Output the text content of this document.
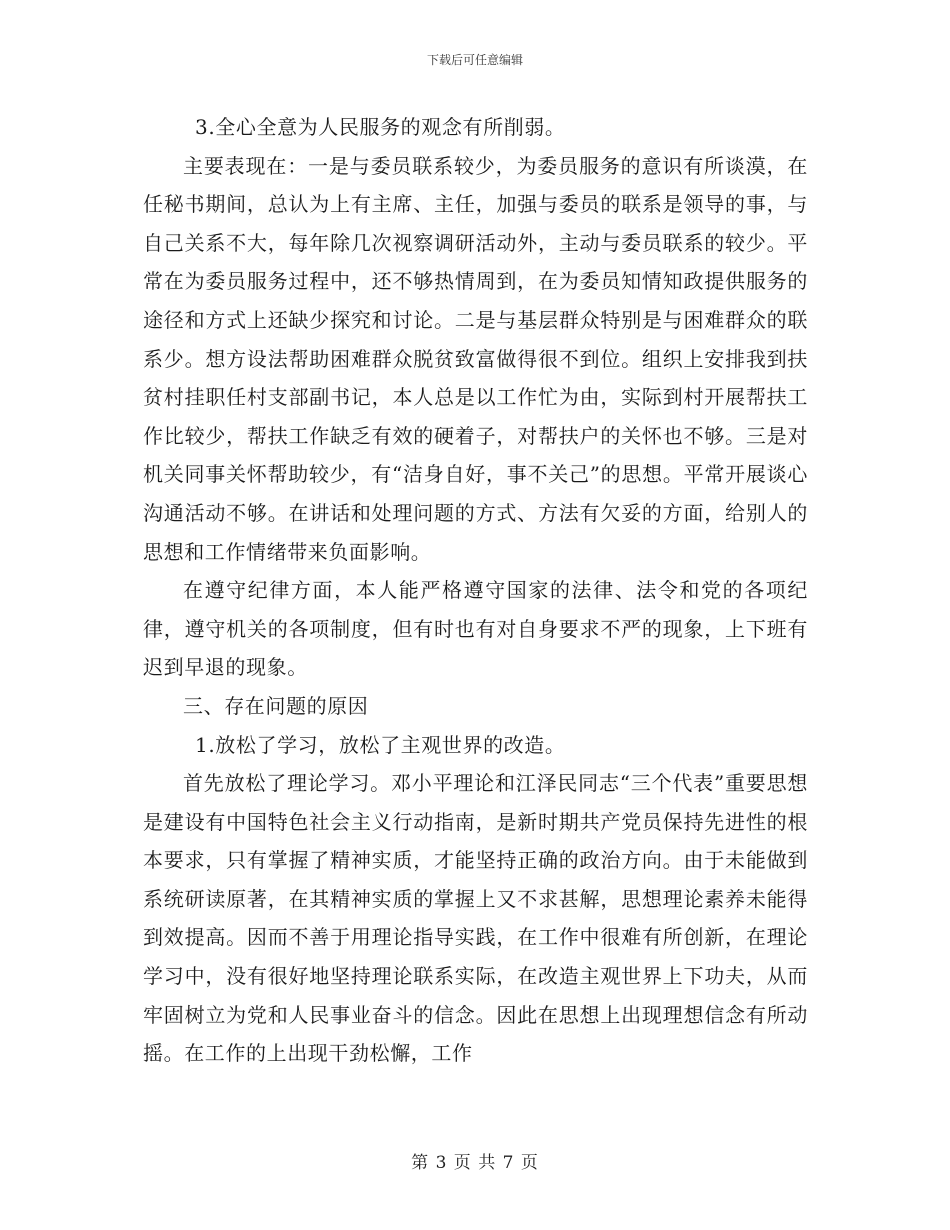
下载后可任意编辑

3.全心全意为人民服务的观念有所削弱。

主要表现在：一是与委员联系较少，为委员服务的意识有所谈漠，在任秘书期间，总认为上有主席、主任，加强与委员的联系是领导的事，与自己关系不大，每年除几次视察调研活动外，主动与委员联系的较少。平常在为委员服务过程中，还不够热情周到，在为委员知情知政提供服务的途径和方式上还缺少探究和讨论。二是与基层群众特别是与困难群众的联系少。想方设法帮助困难群众脱贫致富做得很不到位。组织上安排我到扶贫村挂职任村支部副书记，本人总是以工作忙为由，实际到村开展帮扶工作比较少，帮扶工作缺乏有效的硬着子，对帮扶户的关怀也不够。三是对机关同事关怀帮助较少，有“洁身自好，事不关己”的思想。平常开展谈心沟通活动不够。在讲话和处理问题的方式、方法有欠妥的方面，给别人的思想和工作情绪带来负面影响。

在遵守纪律方面，本人能严格遵守国家的法律、法令和党的各项纪律，遵守机关的各项制度，但有时也有对自身要求不严的现象，上下班有迟到早退的现象。

三、存在问题的原因

1.放松了学习，放松了主观世界的改造。

首先放松了理论学习。邓小平理论和江泽民同志“三个代表”重要思想是建设有中国特色社会主义行动指南，是新时期共产党员保持先进性的根本要求，只有掌握了精神实质，才能坚持正确的政治方向。由于未能做到系统研读原著，在其精神实质的掌握上又不求甚解，思想理论素养未能得到效提高。因而不善于用理论指导实践，在工作中很难有所创新，在理论学习中，没有很好地坚持理论联系实际，在改造主观世界上下功夫，从而牢固树立为党和人民事业奋斗的信念。因此在思想上出现理想信念有所动摇。在工作的上出现干劲松懈，工作

第 3 页 共 7 页
